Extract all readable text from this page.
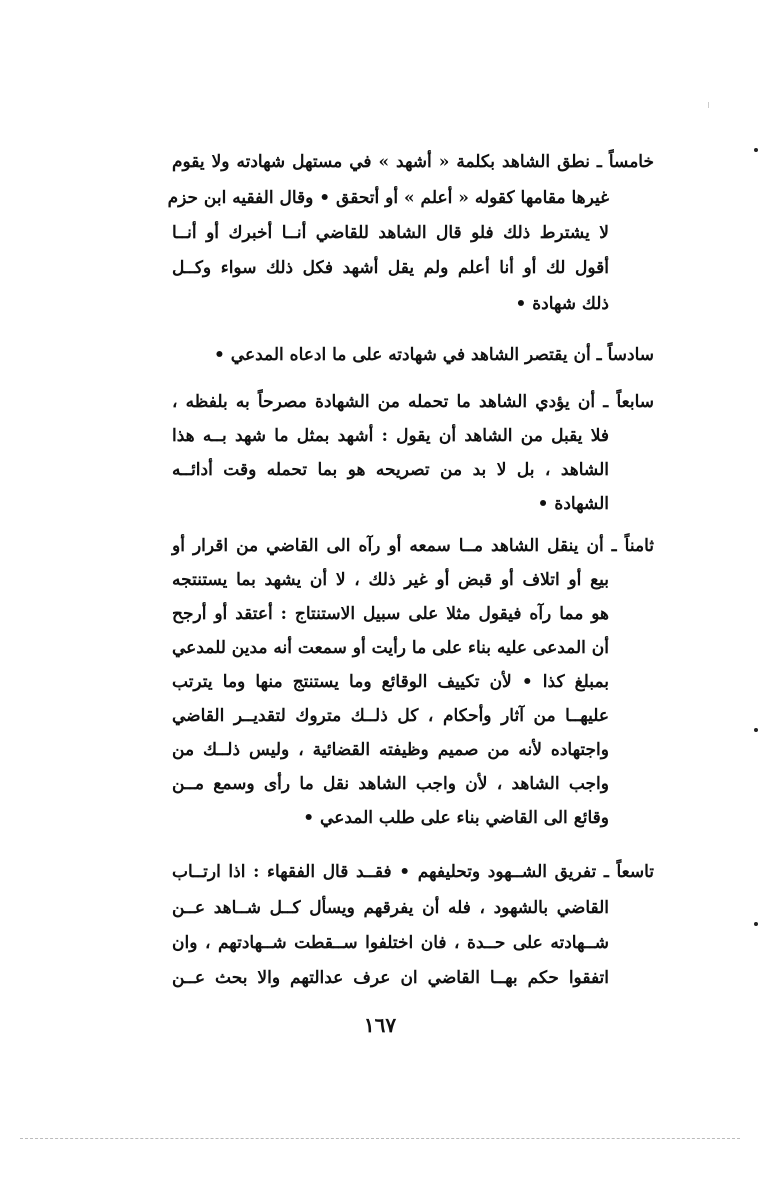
خامساً ـ نطق الشاهد بكلمة « أشهد » في مستهل شهادته ولا يقوم
غيرها مقامها كقوله « أعلم » أو أتحقق • وقال الفقيه ابن حزم
لا يشترط ذلك فلو قال الشاهد للقاضي أنــا أخبرك أو أنــا
أقول لك أو أنا أعلم ولم يقل أشهد فكل ذلك سواء وكــل
ذلك شهادة •
سادساً ـ أن يقتصر الشاهد في شهادته على ما ادعاه المدعي •
سابعاً ـ أن يؤدي الشاهد ما تحمله من الشهادة مصرحاً به بلفظه ،
فلا يقبل من الشاهد أن يقول : أشهد بمثل ما شهد بــه هذا
الشاهد ، بل لا بد من تصريحه هو بما تحمله وقت أدائــه
الشهادة •
ثامناً ـ أن ينقل الشاهد مــا سمعه أو رآه الى القاضي من اقرار أو
بيع أو اتلاف أو قبض أو غير ذلك ، لا أن يشهد بما يستنتجه
هو مما رآه فيقول مثلا على سبيل الاستنتاج : أعتقد أو أرجح
أن المدعى عليه بناء على ما رأيت أو سمعت أنه مدين للمدعي
بمبلغ كذا • لأن تكييف الوقائع وما يستنتج منها وما يترتب
عليهــا من آثار وأحكام ، كل ذلــك متروك لتقديــر القاضي
واجتهاده لأنه من صميم وظيفته القضائية ، وليس ذلــك من
واجب الشاهد ، لأن واجب الشاهد نقل ما رأى وسمع مــن
وقائع الى القاضي بناء على طلب المدعي •
تاسعاً ـ تفريق الشــهود وتحليفهم • فقــد قال الفقهاء : اذا ارتــاب
القاضي بالشهود ، فله أن يفرقهم ويسأل كــل شــاهد عــن
شــهادته على حــدة ، فان اختلفوا ســقطت شــهادتهم ، وان
اتفقوا حكم بهــا القاضي ان عرف عدالتهم والا بحث عــن
١٦٧
